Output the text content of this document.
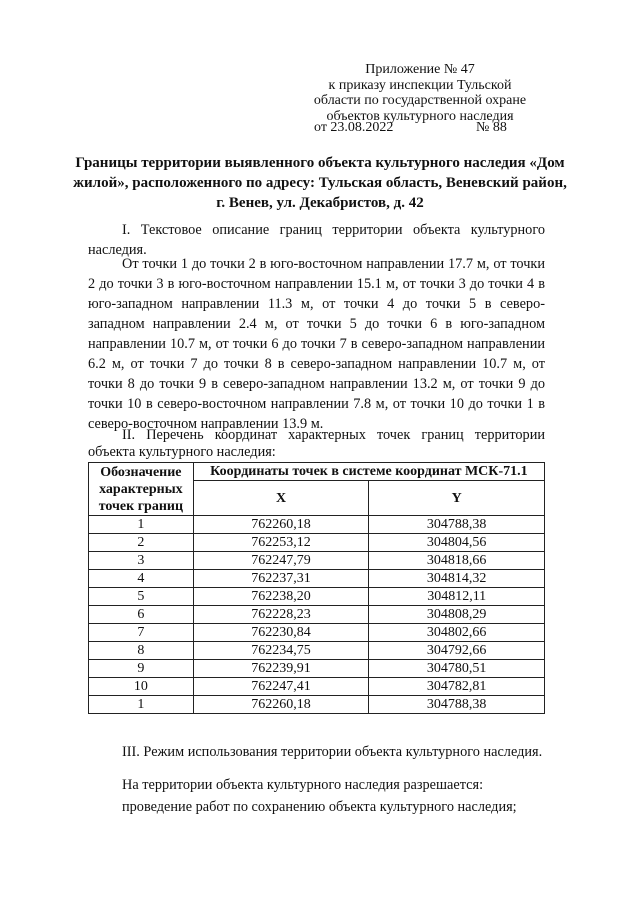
Приложение № 47
к приказу инспекции Тульской
области по государственной охране
объектов культурного наследия
от 23.08.2022	№ 88
Границы территории выявленного объекта культурного наследия «Дом жилой», расположенного по адресу: Тульская область, Веневский район, г. Венев, ул. Декабристов, д. 42
I. Текстовое описание границ территории объекта культурного наследия.
От точки 1 до точки 2 в юго-восточном направлении 17.7 м, от точки 2 до точки 3 в юго-восточном направлении 15.1 м, от точки 3 до точки 4 в юго-западном направлении 11.3 м, от точки 4 до точки 5 в северо-западном направлении 2.4 м, от точки 5 до точки 6 в юго-западном направлении 10.7 м, от точки 6 до точки 7 в северо-западном направлении 6.2 м, от точки 7 до точки 8 в северо-западном направлении 10.7 м, от точки 8 до точки 9 в северо-западном направлении 13.2 м, от точки 9 до точки 10 в северо-восточном направлении 7.8 м, от точки 10 до точки 1 в северо-восточном направлении 13.9 м.
II. Перечень координат характерных точек границ территории объекта культурного наследия:
Обозначение характерных точек границ	Координаты точек в системе координат МСК-71.1	
	X	Y
1	762260,18	304788,38
2	762253,12	304804,56
3	762247,79	304818,66
4	762237,31	304814,32
5	762238,20	304812,11
6	762228,23	304808,29
7	762230,84	304802,66
8	762234,75	304792,66
9	762239,91	304780,51
10	762247,41	304782,81
1	762260,18	304788,38
III. Режим использования территории объекта культурного наследия.
На территории объекта культурного наследия разрешается:
проведение работ по сохранению объекта культурного наследия;
